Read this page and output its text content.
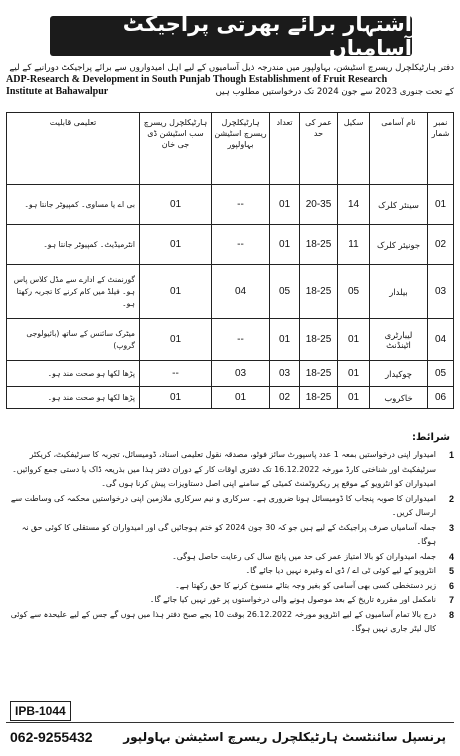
اشتہار برائے بھرتی پراجیکٹ آسامیاں
دفتر ہارٹیکلچرل ریسرچ اسٹیشن، بہاولپور میں مندرجہ ذیل آسامیوں کے لیے اہل امیدواروں سے برائے پراجیکٹ دورانیے کے لیے
ADP-Research & Development in South Punjab Though Establishment of Fruit Research
Institute at Bahawalpur	کے تحت جنوری 2023 سے جون 2024 تک درخواستیں مطلوب ہیں
نمبر شمار	نام آسامی	سکیل	عمر کی حد	تعداد	ہارٹیکلچرل ریسرچ اسٹیشن بہاولپور	ہارٹیکلچرل ریسرچ سب اسٹیشن ڈی جی خان	تعلیمی قابلیت
01	سینئر کلرک	14	20-35	01	--	01	بی اے یا مساوی۔ کمپیوٹر جانتا ہو۔
02	جونیئر کلرک	11	18-25	01	--	01	انٹرمیڈیٹ۔ کمپیوٹر جانتا ہو۔
03	بیلدار	05	18-25	05	04	01	گورنمنٹ کے ادارے سے مڈل کلاس پاس ہو۔ فیلڈ میں کام کرنے کا تجربہ رکھتا ہو۔
04	لیبارٹری اٹینڈنٹ	01	18-25	01	--	01	میٹرک سائنس کے ساتھ (بائیولوجی گروپ)
05	چوکیدار	01	18-25	03	03	--	پڑھا لکھا ہو صحت مند ہو۔
06	خاکروب	01	18-25	02	01	01	پڑھا لکھا ہو صحت مند ہو۔
شرائط:
1
امیدوار اپنی درخواستیں بمعہ 1 عدد پاسپورٹ سائز فوٹو، مصدقہ نقول تعلیمی اسناد، ڈومیسائل، تجربہ کا سرٹیفکیٹ، کریکٹر سرٹیفکیٹ اور شناختی کارڈ مورخہ 16.12.2022 تک دفتری اوقات کار کے دوران دفتر ہذا میں بذریعہ ڈاک یا دستی جمع کروائیں۔ امیدواران کو انٹرویو کے موقع پر ریکروٹمنٹ کمیٹی کے سامنے اپنی اصل دستاویزات پیش کرنا ہوں گی۔
2
امیدواران کا صوبہ پنجاب کا ڈومیسائل ہونا ضروری ہے۔ سرکاری و نیم سرکاری ملازمین اپنی درخواستیں محکمہ کی وساطت سے ارسال کریں۔
3
جملہ آسامیاں صرف پراجیکٹ کے لیے ہیں جو کہ 30 جون 2024 کو ختم ہوجائیں گی اور امیدواران کو مستقلی کا کوئی حق نہ ہوگا۔
4
جملہ امیدواران کو بالا امتیاز عمر کی حد میں پانچ سال کی رعایت حاصل ہوگی۔
5
انٹرویو کے لیے کوئی ٹی اے / ڈی اے وغیرہ نہیں دیا جائے گا۔
6
زیر دستخطی کسی بھی آسامی کو بغیر وجہ بتائے منسوخ کرنے کا حق رکھتا ہے۔
7
نامکمل اور مقررہ تاریخ کے بعد موصول ہونے والی درخواستوں پر غور نہیں کیا جائے گا۔
8
درج بالا تمام آسامیوں کے لیے انٹرویو مورخہ 26.12.2022 بوقت 10 بجے صبح دفتر ہذا میں ہوں گے جس کے لیے علیحدہ سے کوئی کال لیٹر جاری نہیں ہوگا۔
IPB-1044
062-9255432	پرنسپل سائنٹسٹ ہارٹیکلچرل ریسرچ اسٹیشن بہاولپور
